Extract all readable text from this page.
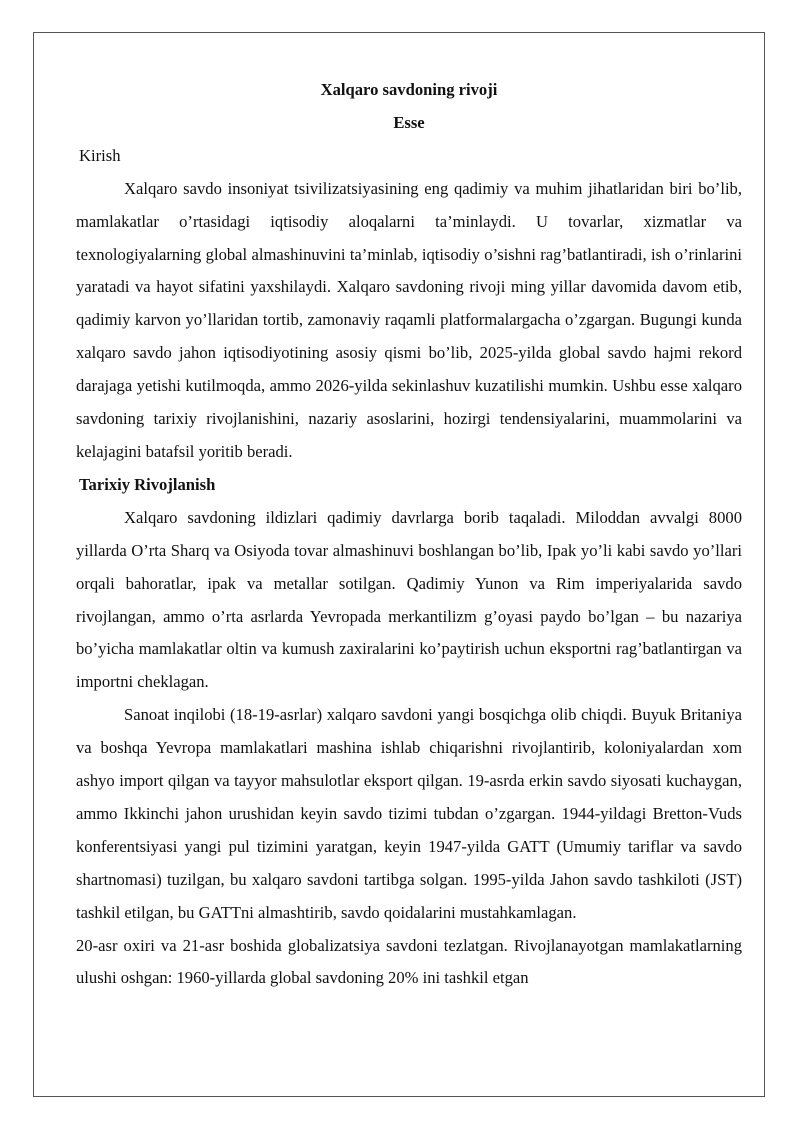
Xalqaro savdoning rivoji

Esse

Kirish

Xalqaro savdo insoniyat tsivilizatsiyasining eng qadimiy va muhim jihatlaridan biri bo’lib, mamlakatlar o’rtasidagi iqtisodiy aloqalarni ta’minlaydi. U tovarlar, xizmatlar va texnologiyalarning global almashinuvini ta’minlab, iqtisodiy o’sishni rag’batlantiradi, ish o’rinlarini yaratadi va hayot sifatini yaxshilaydi. Xalqaro savdoning rivoji ming yillar davomida davom etib, qadimiy karvon yo’llaridan tortib, zamonaviy raqamli platformalargacha o’zgargan. Bugungi kunda xalqaro savdo jahon iqtisodiyotining asosiy qismi bo’lib, 2025-yilda global savdo hajmi rekord darajaga yetishi kutilmoqda, ammo 2026-yilda sekinlashuv kuzatilishi mumkin. Ushbu esse xalqaro savdoning tarixiy rivojlanishini, nazariy asoslarini, hozirgi tendensiyalarini, muammolarini va kelajagini batafsil yoritib beradi.

Tarixiy Rivojlanish

Xalqaro savdoning ildizlari qadimiy davrlarga borib taqaladi. Miloddan avvalgi 8000 yillarda O’rta Sharq va Osiyoda tovar almashinuvi boshlangan bo’lib, Ipak yo’li kabi savdo yo’llari orqali bahoratlar, ipak va metallar sotilgan. Qadimiy Yunon va Rim imperiyalarida savdo rivojlangan, ammo o’rta asrlarda Yevropada merkantilizm g’oyasi paydo bo’lgan – bu nazariya bo’yicha mamlakatlar oltin va kumush zaxiralarini ko’paytirish uchun eksportni rag’batlantirgan va importni cheklagan.

Sanoat inqilobi (18-19-asrlar) xalqaro savdoni yangi bosqichga olib chiqdi. Buyuk Britaniya va boshqa Yevropa mamlakatlari mashina ishlab chiqarishni rivojlantirib, koloniyalardan xom ashyo import qilgan va tayyor mahsulotlar eksport qilgan. 19-asrda erkin savdo siyosati kuchaygan, ammo Ikkinchi jahon urushidan keyin savdo tizimi tubdan o’zgargan. 1944-yildagi Bretton-Vuds konferentsiyasi yangi pul tizimini yaratgan, keyin 1947-yilda GATT (Umumiy tariflar va savdo shartnomasi) tuzilgan, bu xalqaro savdoni tartibga solgan. 1995-yilda Jahon savdo tashkiloti (JST) tashkil etilgan, bu GATTni almashtirib, savdo qoidalarini mustahkamlagan.

20-asr oxiri va 21-asr boshida globalizatsiya savdoni tezlatgan. Rivojlanayotgan mamlakatlarning ulushi oshgan: 1960-yillarda global savdoning 20% ini tashkil etgan
